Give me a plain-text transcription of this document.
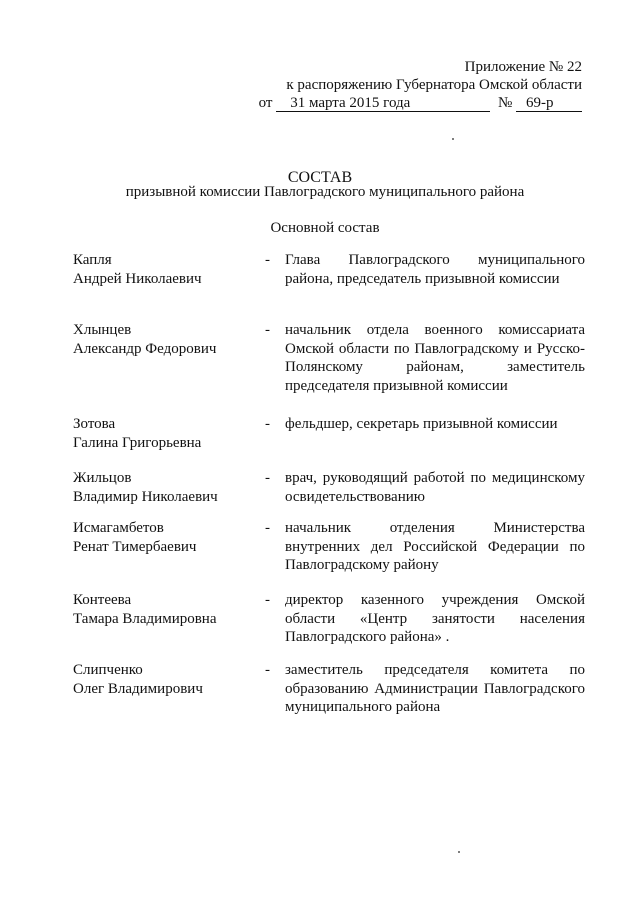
Приложение № 22
к распоряжению Губернатора Омской области
от 31 марта 2015 года	№ 69-р
СОСТАВ
призывной комиссии Павлоградского муниципального района
Основной состав
Капля
Андрей Николаевич
-	Глава Павлоградского муниципального района, председатель призывной комиссии
Хлынцев
Александр Федорович
-	начальник отдела военного комиссариата Омской области по Павлоградскому и Русско-Полянскому районам, заместитель председателя призывной комиссии
Зотова
Галина Григорьевна
-	фельдшер, секретарь призывной комиссии
Жильцов
Владимир Николаевич
-	врач, руководящий работой по медицинскому освидетельствованию
Исмагамбетов
Ренат Тимербаевич
-	начальник отделения Министерства внутренних дел Российской Федерации по Павлоградскому району
Контеева
Тамара Владимировна
-	директор казенного учреждения Омской области «Центр занятости населения Павлоградского района» .
Слипченко
Олег Владимирович
-	заместитель председателя комитета по образованию Администрации Павлоградского муниципального района
